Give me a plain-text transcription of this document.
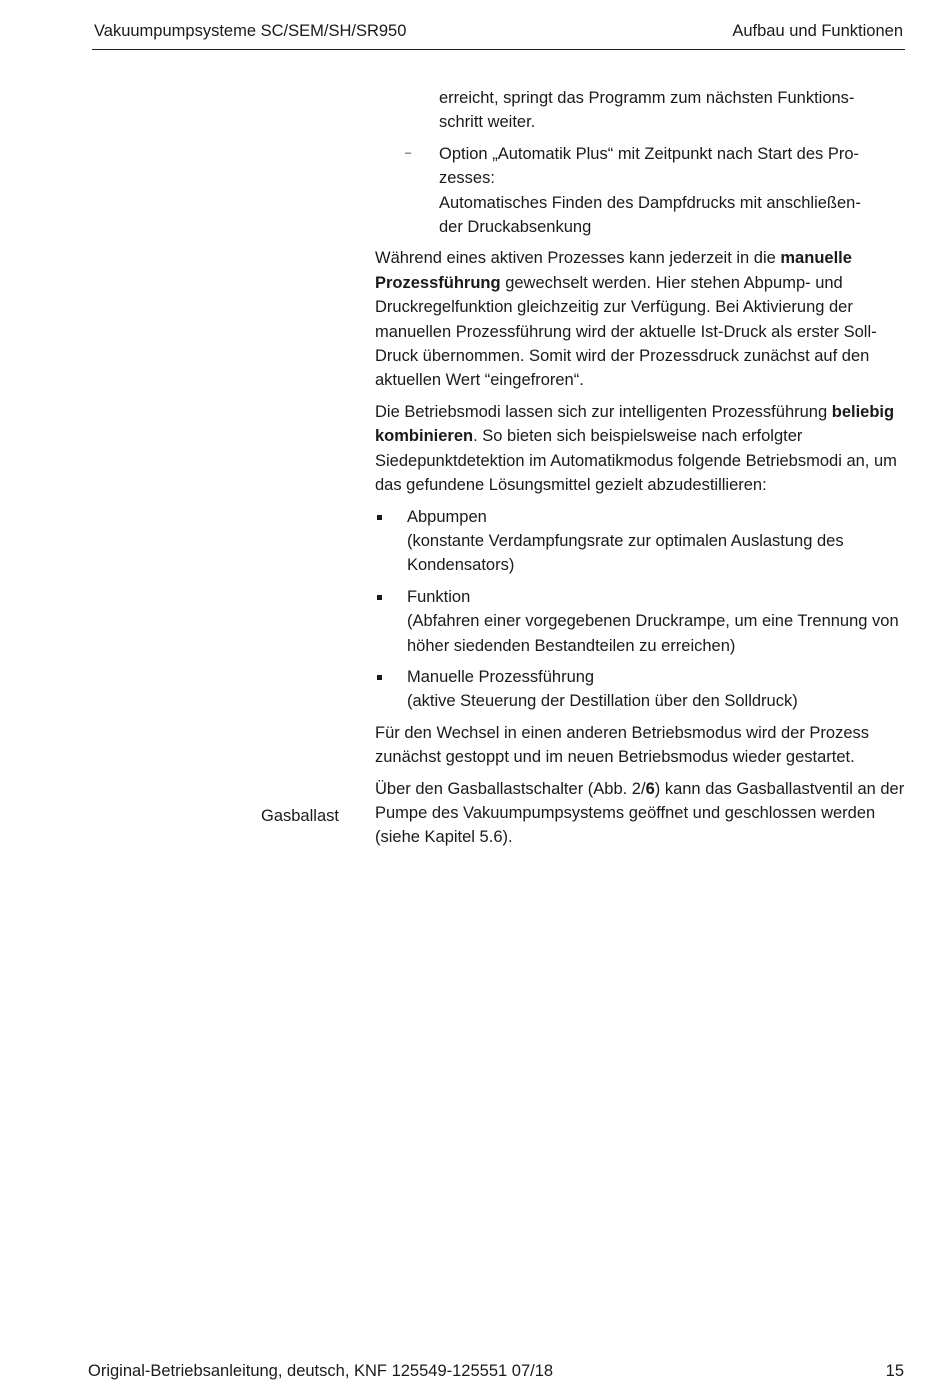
Vakuumpumpsysteme SC/SEM/SH/SR950	Aufbau und Funktionen

erreicht, springt das Programm zum nächsten Funktions-
schritt weiter.

– Option „Automatik Plus“ mit Zeitpunkt nach Start des Pro-
zesses:
Automatisches Finden des Dampfdrucks mit anschließen-
der Druckabsenkung

Während eines aktiven Prozesses kann jederzeit in die manuelle Prozessführung gewechselt werden. Hier stehen Abpump- und Druckregelfunktion gleichzeitig zur Verfügung. Bei Aktivierung der manuellen Prozessführung wird der aktuelle Ist-Druck als erster Soll-Druck übernommen. Somit wird der Prozessdruck zunächst auf den aktuellen Wert “eingefroren“.

Die Betriebsmodi lassen sich zur intelligenten Prozessführung beliebig kombinieren. So bieten sich beispielsweise nach erfolgter Siedepunktdetektion im Automatikmodus folgende Betriebsmodi an, um das gefundene Lösungsmittel gezielt abzudestillieren:

Abpumpen
(konstante Verdampfungsrate zur optimalen Auslastung des Kondensators)

Funktion
(Abfahren einer vorgegebenen Druckrampe, um eine Trennung von höher siedenden Bestandteilen zu erreichen)

Manuelle Prozessführung
(aktive Steuerung der Destillation über den Solldruck)

Für den Wechsel in einen anderen Betriebsmodus wird der Prozess zunächst gestoppt und im neuen Betriebsmodus wieder gestartet.

Über den Gasballastschalter (Abb. 2/6) kann das Gasballastventil an der Pumpe des Vakuumpumpsystems geöffnet und geschlossen werden (siehe Kapitel 5.6).

Gasballast
Original-Betriebsanleitung, deutsch, KNF 125549-125551 07/18	15
